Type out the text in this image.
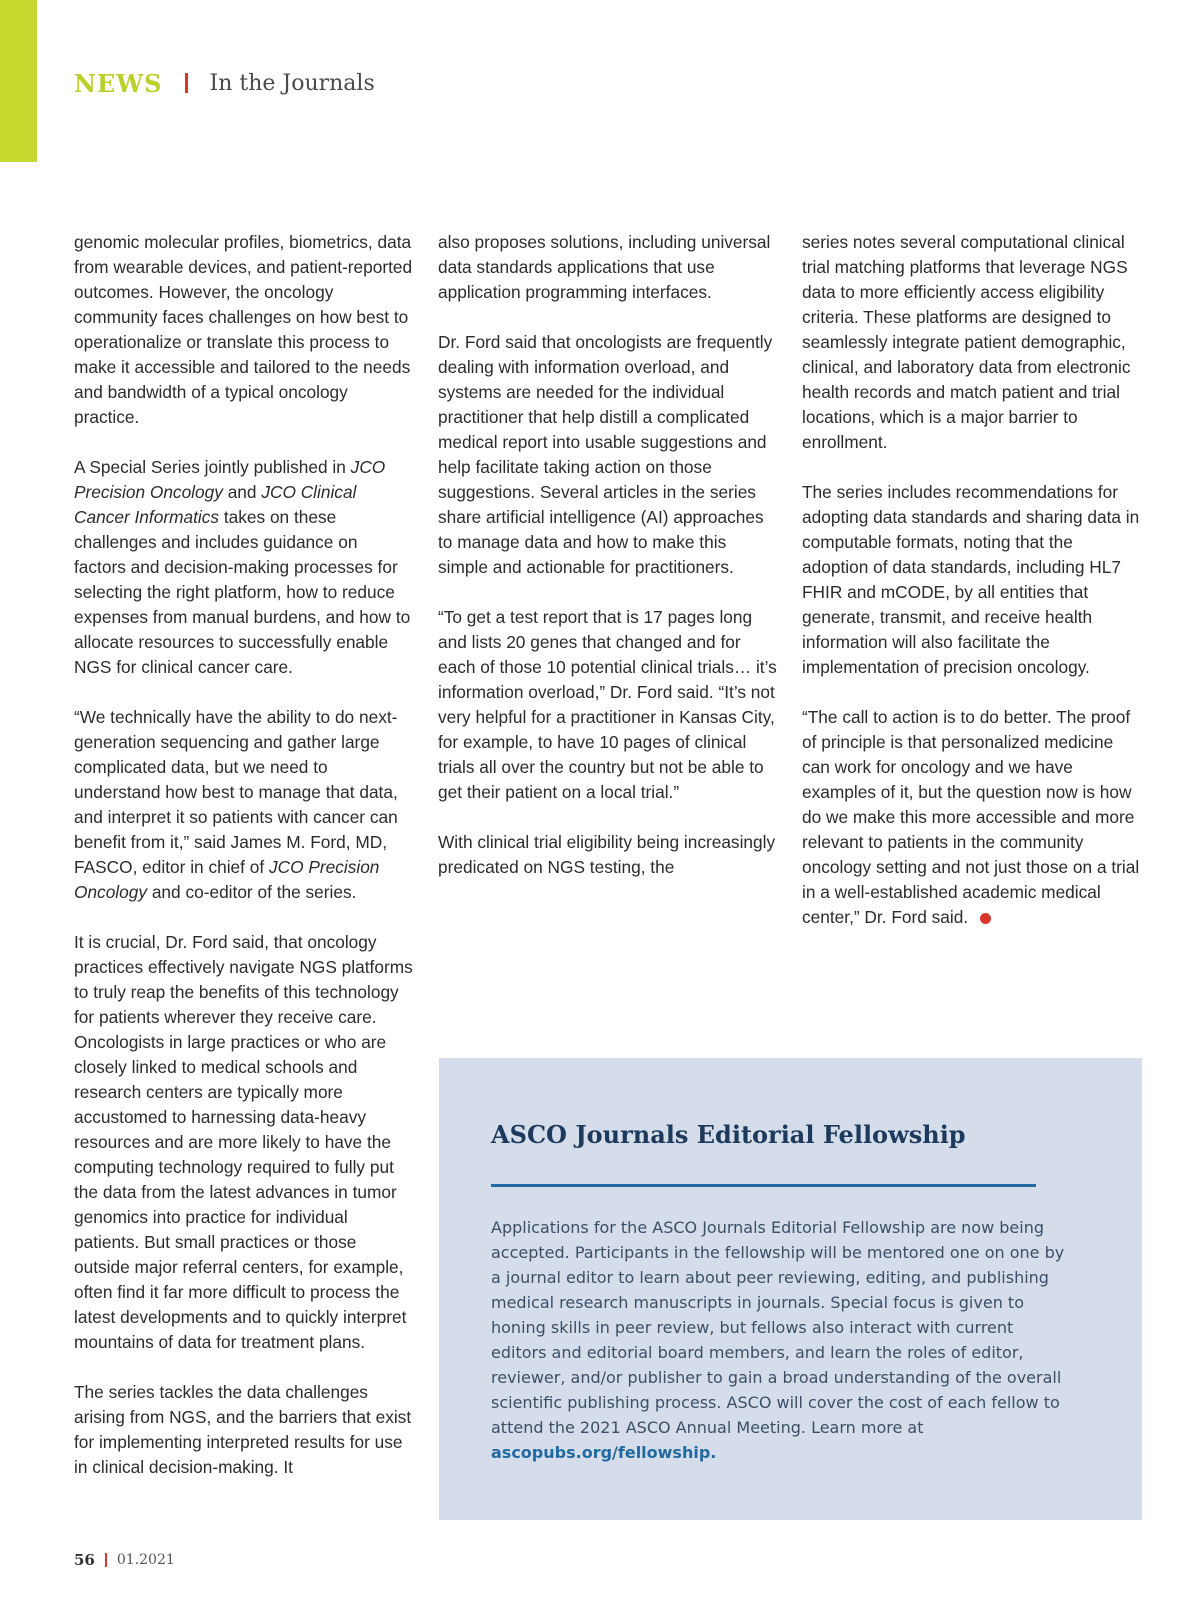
NEWS In the Journals

genomic molecular profiles, biometrics, data from wearable devices, and patient-reported outcomes. However, the oncology community faces challenges on how best to operationalize or translate this process to make it accessible and tailored to the needs and bandwidth of a typical oncology practice.

A Special Series jointly published in JCO Precision Oncology and JCO Clinical Cancer Informatics takes on these challenges and includes guidance on factors and decision-making processes for selecting the right platform, how to reduce expenses from manual burdens, and how to allocate resources to successfully enable NGS for clinical cancer care.

“We technically have the ability to do next-generation sequencing and gather large complicated data, but we need to understand how best to manage that data, and interpret it so patients with cancer can benefit from it,” said James M. Ford, MD, FASCO, editor in chief of JCO Precision Oncology and co-editor of the series.

It is crucial, Dr. Ford said, that oncology practices effectively navigate NGS platforms to truly reap the benefits of this technology for patients wherever they receive care. Oncologists in large practices or who are closely linked to medical schools and research centers are typically more accustomed to harnessing data-heavy resources and are more likely to have the computing technology required to fully put the data from the latest advances in tumor genomics into practice for individual patients. But small practices or those outside major referral centers, for example, often find it far more difficult to process the latest developments and to quickly interpret mountains of data for treatment plans.

The series tackles the data challenges arising from NGS, and the barriers that exist for implementing interpreted results for use in clinical decision-making. It

also proposes solutions, including universal data standards applications that use application programming interfaces.

Dr. Ford said that oncologists are frequently dealing with information overload, and systems are needed for the individual practitioner that help distill a complicated medical report into usable suggestions and help facilitate taking action on those suggestions. Several articles in the series share artificial intelligence (AI) approaches to manage data and how to make this simple and actionable for practitioners.

“To get a test report that is 17 pages long and lists 20 genes that changed and for each of those 10 potential clinical trials… it’s information overload,” Dr. Ford said. “It’s not very helpful for a practitioner in Kansas City, for example, to have 10 pages of clinical trials all over the country but not be able to get their patient on a local trial.”

With clinical trial eligibility being increasingly predicated on NGS testing, the

series notes several computational clinical trial matching platforms that leverage NGS data to more efficiently access eligibility criteria. These platforms are designed to seamlessly integrate patient demographic, clinical, and laboratory data from electronic health records and match patient and trial locations, which is a major barrier to enrollment.

The series includes recommendations for adopting data standards and sharing data in computable formats, noting that the adoption of data standards, including HL7 FHIR and mCODE, by all entities that generate, transmit, and receive health information will also facilitate the implementation of precision oncology.

“The call to action is to do better. The proof of principle is that personalized medicine can work for oncology and we have examples of it, but the question now is how do we make this more accessible and more relevant to patients in the community oncology setting and not just those on a trial in a well-established academic medical center,” Dr. Ford said.

ASCO Journals Editorial Fellowship

Applications for the ASCO Journals Editorial Fellowship are now being accepted. Participants in the fellowship will be mentored one on one by a journal editor to learn about peer reviewing, editing, and publishing medical research manuscripts in journals. Special focus is given to honing skills in peer review, but fellows also interact with current editors and editorial board members, and learn the roles of editor, reviewer, and/or publisher to gain a broad understanding of the overall scientific publishing process. ASCO will cover the cost of each fellow to attend the 2021 ASCO Annual Meeting. Learn more at ascopubs.org/fellowship.

56 01.2021
